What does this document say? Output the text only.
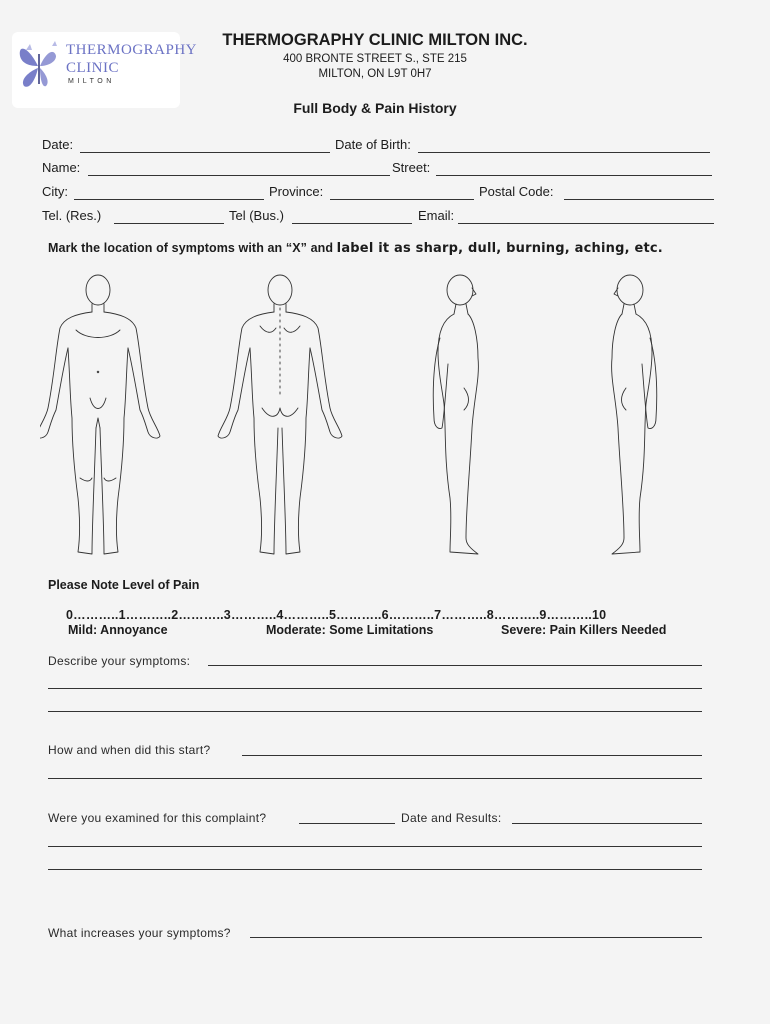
THERMOGRAPHY
CLINIC
MILTON
THERMOGRAPHY CLINIC MILTON INC.
400 BRONTE STREET S., STE 215
MILTON, ON L9T 0H7
Full Body & Pain History
Date:	Date of Birth:
Name:	Street:
City:	Province:	Postal Code:
Tel. (Res.)	Tel (Bus.)	Email:
Mark the location of symptoms with an “X” and label it as sharp, dull, burning, aching, etc.
Please Note Level of Pain
0………..1………..2………..3………..4………..5………..6………..7………..8………..9………..10
Mild: Annoyance	Moderate: Some Limitations	Severe: Pain Killers Needed
Describe your symptoms:
How and when did this start?
Were you examined for this complaint?	Date and Results:
What increases your symptoms?
